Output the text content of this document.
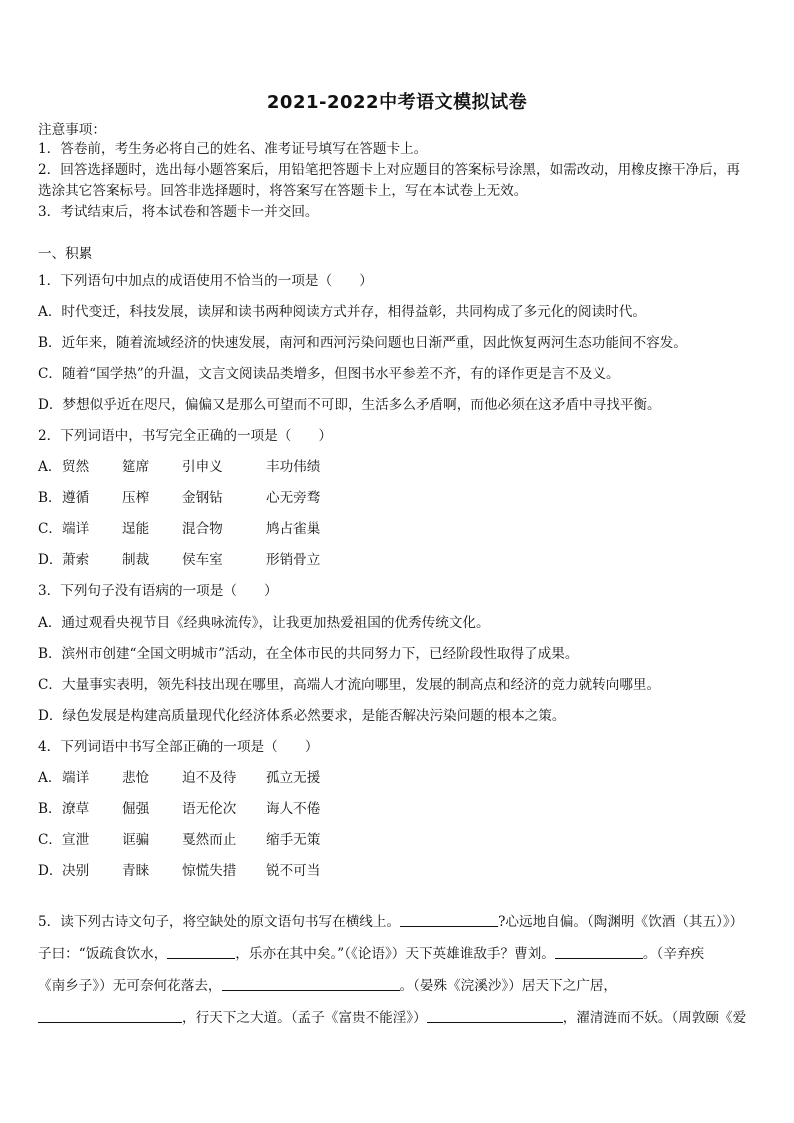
2021-2022中考语文模拟试卷
注意事项：
1．答卷前，考生务必将自己的姓名、准考证号填写在答题卡上。
2．回答选择题时，选出每小题答案后，用铅笔把答题卡上对应题目的答案标号涂黑，如需改动，用橡皮擦干净后，再
选涂其它答案标号。回答非选择题时，将答案写在答题卡上，写在本试卷上无效。
3．考试结束后，将本试卷和答题卡一并交回。
一、积累
1．下列语句中加点的成语使用不恰当的一项是（　　）
A．时代变迁，科技发展，读屏和读书两种阅读方式并存，相得益彰，共同构成了多元化的阅读时代。
B．近年来，随着流域经济的快速发展，南河和西河污染问题也日渐严重，因此恢复两河生态功能间不容发。
C．随着“国学热”的升温，文言文阅读品类增多，但图书水平参差不齐，有的译作更是言不及义。
D．梦想似乎近在咫尺，偏偏又是那么可望而不可即，生活多么矛盾啊，而他必须在这矛盾中寻找平衡。
2．下列词语中，书写完全正确的一项是（　　）
A．贸然 筵席 引申义	丰功伟绩
B．遵循 压榨 金钢钻	心无旁骛
C．端详 逞能 混合物	鸠占雀巢
D．萧索 制裁 侯车室	形销骨立
3．下列句子没有语病的一项是（　　）
A．通过观看央视节目《经典咏流传》，让我更加热爱祖国的优秀传统文化。
B．滨州市创建“全国文明城市”活动，在全体市民的共同努力下，已经阶段性取得了成果。
C．大量事实表明，领先科技出现在哪里，高端人才流向哪里，发展的制高点和经济的竞力就转向哪里。
D．绿色发展是构建高质量现代化经济体系必然要求，是能否解决污染问题的根本之策。
4．下列词语中书写全部正确的一项是（　　）
A．端详 悲怆 迫不及待 孤立无援
B．潦草 倔强 语无伦次 诲人不倦
C．宣泄 诓骗 戛然而止 缩手无策
D．决别 青睐 惊慌失措 锐不可当
5．读下列古诗文句子，将空缺处的原文语句书写在横线上。	?心远地自偏。（陶渊明《饮酒（其五）》）
子曰：“饭疏食饮水，	，乐亦在其中矣。”（《论语》）天下英雄谁敌手？曹刘。	。（辛弃疾
《南乡子》）无可奈何花落去，	。（晏殊《浣溪沙》）居天下之广居，
，行天下之大道。（孟子《富贵不能淫》）	，濯清涟而不妖。（周敦颐《爱
